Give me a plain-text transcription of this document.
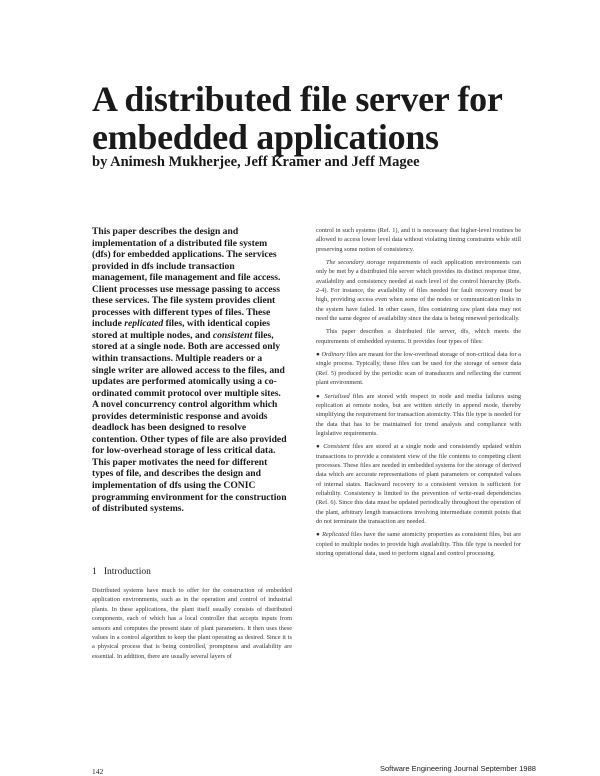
A distributed file server for embedded applications

by Animesh Mukherjee, Jeff Kramer and Jeff Magee

This paper describes the design and implementation of a distributed file system (dfs) for embedded applications. The services provided in dfs include transaction management, file management and file access. Client processes use message passing to access these services. The file system provides client processes with different types of files. These include replicated files, with identical copies stored at multiple nodes, and consistent files, stored at a single node. Both are accessed only within transactions. Multiple readers or a single writer are allowed access to the files, and updates are performed atomically using a co-ordinated commit protocol over multiple sites. A novel concurrency control algorithm which provides deterministic response and avoids deadlock has been designed to resolve contention. Other types of file are also provided for low-overhead storage of less critical data. This paper motivates the need for different types of file, and describes the design and implementation of dfs using the CONIC programming environment for the construction of distributed systems.

1 Introduction

Distributed systems have much to offer for the construction of embedded application environments, such as in the operation and control of industrial plants. In these applications, the plant itself usually consists of distributed components, each of which has a local controller that accepts inputs from sensors and computes the present state of plant parameters. It then uses these values in a control algorithm to keep the plant operating as desired. Since it is a physical process that is being controlled, promptness and availability are essential. In addition, there are usually several layers of

control in such systems (Ref. 1), and it is necessary that higher-level routines be allowed to access lower level data without violating timing constraints while still preserving some notion of consistency.

The secondary storage requirements of such application environments can only be met by a distributed file server which provides its distinct response time, availability and consistency needed at each level of the control hierarchy (Refs. 2-4). For instance, the availability of files needed for fault recovery must be high, providing access even when some of the nodes or communication links in the system have failed. In other cases, files containing raw plant data may not need the same degree of availability since the data is being renewed periodically.

This paper describes a distributed file server, dfs, which meets the requirements of embedded systems. It provides four types of files:

● Ordinary files are meant for the low-overhead storage of non-critical data for a single process. Typically, these files can be used for the storage of sensor data (Ref. 5) produced by the periodic scan of transducers and reflecting the current plant environment.

● Serialised files are stored with respect to node and media failures using replication at remote nodes, but are written strictly in append mode, thereby simplifying the requirement for transaction atomicity. This file type is needed for the data that has to be maintained for trend analysis and compliance with legislative requirements.

● Consistent files are stored at a single node and consistently updated within transactions to provide a consistent view of the file contents to competing client processes. These files are needed in embedded systems for the storage of derived data which are accurate representations of plant parameters or computed values of internal states. Backward recovery to a consistent version is sufficient for reliability. Consistency is limited to the prevention of write-read dependencies (Ref. 6). Since this data must be updated periodically throughout the operation of the plant, arbitrary length transactions involving intermediate commit points that do not terminate the transaction are needed.

● Replicated files have the same atomicity properties as consistent files, but are copied to multiple nodes to provide high availability. This file type is needed for storing operational data, used to perform signal and control processing.

142	Software Engineering Journal September 1988
